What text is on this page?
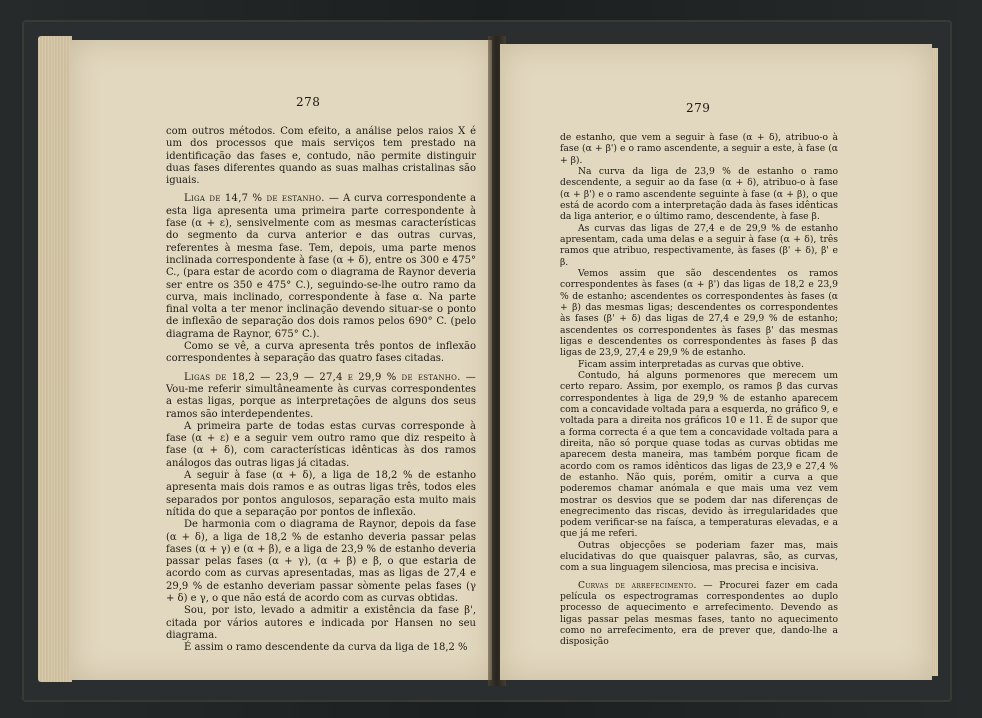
278

com outros métodos. Com efeito, a análise pelos raios X é um dos processos que mais serviços tem prestado na identificação das fases e, contudo, não permite distinguir duas fases diferentes quando as suas malhas cristalinas são iguais.

Liga de 14,7 % de estanho. — A curva correspondente a esta liga apresenta uma primeira parte correspondente à fase (α + ε), sensivelmente com as mesmas características do segmento da curva anterior e das outras curvas, referentes à mesma fase. Tem, depois, uma parte menos inclinada correspondente à fase (α + δ), entre os 300 e 475° C., (para estar de acordo com o diagrama de Raynor deveria ser entre os 350 e 475° C.), seguindo-se-lhe outro ramo da curva, mais inclinado, correspondente à fase α. Na parte final volta a ter menor inclinação devendo situar-se o ponto de inflexão de separação dos dois ramos pelos 690° C. (pelo diagrama de Raynor, 675° C.).

Como se vê, a curva apresenta três pontos de inflexão correspondentes à separação das quatro fases citadas.

Ligas de 18,2 — 23,9 — 27,4 e 29,9 % de estanho. — Vou-me referir simultâneamente às curvas correspondentes a estas ligas, porque as interpretações de alguns dos seus ramos são interdependentes.

A primeira parte de todas estas curvas corresponde à fase (α + ε) e a seguir vem outro ramo que diz respeito à fase (α + δ), com características idênticas às dos ramos análogos das outras ligas já citadas.

A seguir à fase (α + δ), a liga de 18,2 % de estanho apresenta mais dois ramos e as outras ligas três, todos eles separados por pontos angulosos, separação esta muito mais nítida do que a separação por pontos de inflexão.

De harmonia com o diagrama de Raynor, depois da fase (α + δ), a liga de 18,2 % de estanho deveria passar pelas fases (α + γ) e (α + β), e a liga de 23,9 % de estanho deveria passar pelas fases (α + γ), (α + β) e β, o que estaria de acordo com as curvas apresentadas, mas as ligas de 27,4 e 29,9 % de estanho deveriam passar sòmente pelas fases (γ + δ) e γ, o que não está de acordo com as curvas obtidas.

Sou, por isto, levado a admitir a existência da fase β', citada por vários autores e indicada por Hansen no seu diagrama.

É assim o ramo descendente da curva da liga de 18,2 %

279

de estanho, que vem a seguir à fase (α + δ), atribuo-o à fase (α + β') e o ramo ascendente, a seguir a este, à fase (α + β).

Na curva da liga de 23,9 % de estanho o ramo descendente, a seguir ao da fase (α + δ), atribuo-o à fase (α + β') e o ramo ascendente seguinte à fase (α + β), o que está de acordo com a interpretação dada às fases idênticas da liga anterior, e o último ramo, descendente, à fase β.

As curvas das ligas de 27,4 e de 29,9 % de estanho apresentam, cada uma delas e a seguir à fase (α + δ), três ramos que atribuo, respectivamente, às fases (β' + δ), β' e β.

Vemos assim que são descendentes os ramos correspondentes às fases (α + β') das ligas de 18,2 e 23,9 % de estanho; ascendentes os correspondentes às fases (α + β) das mesmas ligas; descendentes os correspondentes às fases (β' + δ) das ligas de 27,4 e 29,9 % de estanho; ascendentes os correspondentes às fases β' das mesmas ligas e descendentes os correspondentes às fases β das ligas de 23,9, 27,4 e 29,9 % de estanho.

Ficam assim interpretadas as curvas que obtive.

Contudo, há alguns pormenores que merecem um certo reparo. Assim, por exemplo, os ramos β das curvas correspondentes à liga de 29,9 % de estanho aparecem com a concavidade voltada para a esquerda, no gráfico 9, e voltada para a direita nos gráficos 10 e 11. É de supor que a forma correcta é a que tem a concavidade voltada para a direita, não só porque quase todas as curvas obtidas me aparecem desta maneira, mas também porque ficam de acordo com os ramos idênticos das ligas de 23,9 e 27,4 % de estanho. Não quis, porém, omitir a curva a que poderemos chamar anómala e que mais uma vez vem mostrar os desvios que se podem dar nas diferenças de enegrecimento das riscas, devido às irregularidades que podem verificar-se na faísca, a temperaturas elevadas, e a que já me referi.

Outras objecções se poderiam fazer mas, mais elucidativas do que quaisquer palavras, são, as curvas, com a sua linguagem silenciosa, mas precisa e incisiva.

Curvas de arrefecimento. — Procurei fazer em cada película os espectrogramas correspondentes ao duplo processo de aquecimento e arrefecimento. Devendo as ligas passar pelas mesmas fases, tanto no aquecimento como no arrefecimento, era de prever que, dando-lhe a disposição
